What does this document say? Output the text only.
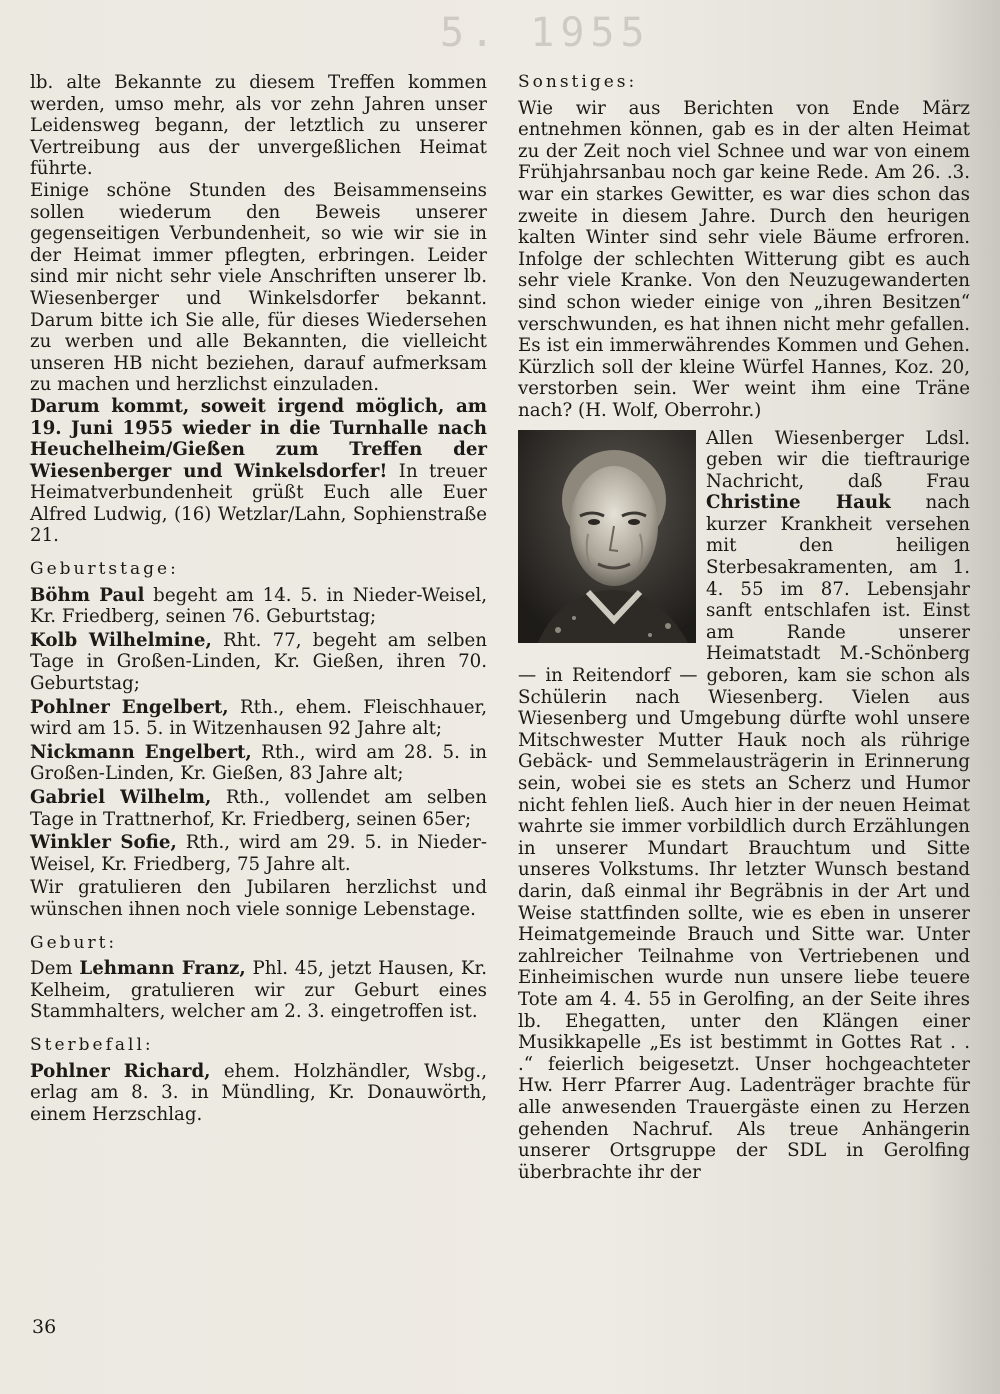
5. 1955

lb. alte Bekannte zu diesem Treffen kommen werden, umso mehr, als vor zehn Jahren unser Leidensweg begann, der letztlich zu unserer Vertreibung aus der unvergeßlichen Heimat führte.

Einige schöne Stunden des Beisammenseins sollen wiederum den Beweis unserer gegenseitigen Verbundenheit, so wie wir sie in der Heimat immer pflegten, erbringen. Leider sind mir nicht sehr viele Anschriften unserer lb. Wiesenberger und Winkelsdorfer bekannt. Darum bitte ich Sie alle, für dieses Wiedersehen zu werben und alle Bekannten, die vielleicht unseren HB nicht beziehen, darauf aufmerksam zu machen und herzlichst einzuladen.

Darum kommt, soweit irgend möglich, am 19. Juni 1955 wieder in die Turnhalle nach Heuchelheim/Gießen zum Treffen der Wiesenberger und Winkelsdorfer! In treuer Heimatverbundenheit grüßt Euch alle Euer Alfred Ludwig, (16) Wetzlar/Lahn, Sophienstraße 21.

Geburtstage:

Böhm Paul begeht am 14. 5. in Nieder-Weisel, Kr. Friedberg, seinen 76. Geburtstag;

Kolb Wilhelmine, Rht. 77, begeht am selben Tage in Großen-Linden, Kr. Gießen, ihren 70. Geburtstag;

Pohlner Engelbert, Rth., ehem. Fleischhauer, wird am 15. 5. in Witzenhausen 92 Jahre alt;

Nickmann Engelbert, Rth., wird am 28. 5. in Großen-Linden, Kr. Gießen, 83 Jahre alt;

Gabriel Wilhelm, Rth., vollendet am selben Tage in Trattnerhof, Kr. Friedberg, seinen 65er;

Winkler Sofie, Rth., wird am 29. 5. in Nieder-Weisel, Kr. Friedberg, 75 Jahre alt.

Wir gratulieren den Jubilaren herzlichst und wünschen ihnen noch viele sonnige Lebenstage.

Geburt:

Dem Lehmann Franz, Phl. 45, jetzt Hausen, Kr. Kelheim, gratulieren wir zur Geburt eines Stammhalters, welcher am 2. 3. eingetroffen ist.

Sterbefall:

Pohlner Richard, ehem. Holzhändler, Wsbg., erlag am 8. 3. in Mündling, Kr. Donauwörth, einem Herzschlag.

Sonstiges:

Wie wir aus Berichten von Ende März entnehmen können, gab es in der alten Heimat zu der Zeit noch viel Schnee und war von einem Frühjahrsanbau noch gar keine Rede. Am 26. .3. war ein starkes Gewitter, es war dies schon das zweite in diesem Jahre. Durch den heurigen kalten Winter sind sehr viele Bäume erfroren. Infolge der schlechten Witterung gibt es auch sehr viele Kranke. Von den Neuzugewanderten sind schon wieder einige von „ihren Besitzen“ verschwunden, es hat ihnen nicht mehr gefallen. Es ist ein immerwährendes Kommen und Gehen. Kürzlich soll der kleine Würfel Hannes, Koz. 20, verstorben sein. Wer weint ihm eine Träne nach? (H. Wolf, Oberrohr.)

Allen Wiesenberger Ldsl. geben wir die tieftraurige Nachricht, daß Frau Christine Hauk nach kurzer Krankheit versehen mit den heiligen Sterbesakramenten, am 1. 4. 55 im 87. Lebensjahr sanft entschlafen ist. Einst am Rande unserer Heimatstadt M.-Schönberg — in Reitendorf — geboren, kam sie schon als Schülerin nach Wiesenberg. Vielen aus Wiesenberg und Umgebung dürfte wohl unsere Mitschwester Mutter Hauk noch als rührige Gebäck- und Semmelausträgerin in Erinnerung sein, wobei sie es stets an Scherz und Humor nicht fehlen ließ. Auch hier in der neuen Heimat wahrte sie immer vorbildlich durch Erzählungen in unserer Mundart Brauchtum und Sitte unseres Volkstums. Ihr letzter Wunsch bestand darin, daß einmal ihr Begräbnis in der Art und Weise stattfinden sollte, wie es eben in unserer Heimatgemeinde Brauch und Sitte war. Unter zahlreicher Teilnahme von Vertriebenen und Einheimischen wurde nun unsere liebe teuere Tote am 4. 4. 55 in Gerolfing, an der Seite ihres lb. Ehegatten, unter den Klängen einer Musikkapelle „Es ist bestimmt in Gottes Rat . . .“ feierlich beigesetzt. Unser hochgeachteter Hw. Herr Pfarrer Aug. Ladenträger brachte für alle anwesenden Trauergäste einen zu Herzen gehenden Nachruf. Als treue Anhängerin unserer Ortsgruppe der SDL in Gerolfing überbrachte ihr der

36
